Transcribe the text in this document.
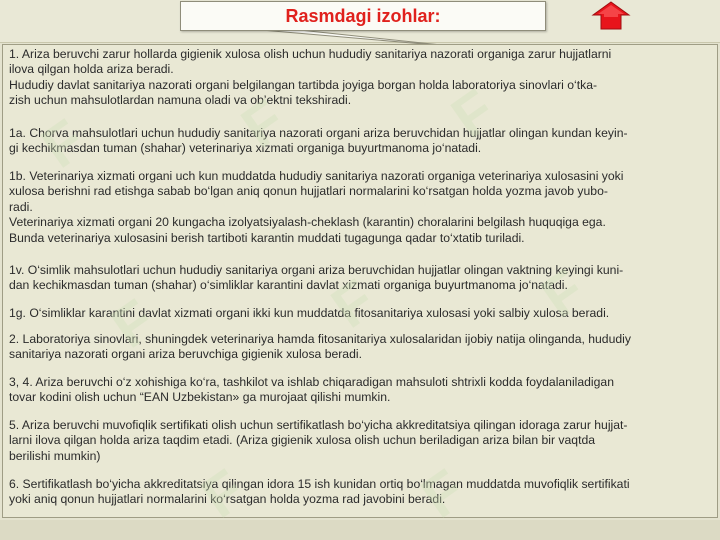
Rasmdagi izohlar:
1. Ariza beruvchi zarur hollarda gigienik xulosa olish uchun hududiy sanitariya nazorati organiga zarur hujjatlarni
ilova qilgan holda ariza beradi.
Hududiy davlat sanitariya nazorati organi belgilangan tartibda joyiga borgan holda laboratoriya sinovlari o‘tka-
zish uchun mahsulotlardan namuna oladi va ob’ektni tekshiradi.
1a. Chorva mahsulotlari uchun hududiy sanitariya nazorati organi ariza beruvchidan hujjatlar olingan kundan keyin-
gi kechikmasdan tuman (shahar) veterinariya xizmati organiga buyurtmanoma jo‘natadi.
1b. Veterinariya xizmati organi uch kun muddatda hududiy sanitariya nazorati organiga veterinariya xulosasini yoki
xulosa berishni rad etishga sabab bo‘lgan aniq qonun hujjatlari normalarini ko‘rsatgan holda yozma javob yubo-
radi.
Veterinariya xizmati organi 20 kungacha izolyatsiyalash-cheklash (karantin) choralarini belgilash huquqiga ega.
Bunda veterinariya xulosasini berish tartiboti karantin muddati tugagunga qadar to‘xtatib turiladi.
1v. O‘simlik mahsulotlari uchun hududiy sanitariya organi ariza beruvchidan hujjatlar olingan vaktning keyingi kuni-
dan kechikmasdan tuman (shahar) o‘simliklar karantini davlat xizmati organiga buyurtmanoma jo‘natadi.
1g. O‘simliklar karantini davlat xizmati organi ikki kun muddatda fitosanitariya xulosasi yoki salbiy xulosa beradi.
2. Laboratoriya sinovlari, shuningdek veterinariya hamda fitosanitariya xulosalaridan ijobiy natija olinganda, hududiy
sanitariya nazorati organi ariza beruvchiga gigienik xulosa beradi.
3, 4. Ariza beruvchi o‘z xohishiga ko‘ra, tashkilot va ishlab chiqaradigan mahsuloti shtrixli kodda foydalaniladigan
tovar kodini olish uchun “EAN Uzbekistan» ga murojaat qilishi mumkin.
5. Ariza beruvchi muvofiqlik sertifikati olish uchun sertifikatlash bo‘yicha akkreditatsiya qilingan idoraga zarur hujjat-
larni ilova qilgan holda ariza taqdim etadi. (Ariza gigienik xulosa olish uchun beriladigan ariza bilan bir vaqtda
berilishi mumkin)
6. Sertifikatlash bo‘yicha akkreditatsiya qilingan idora 15 ish kunidan ortiq bo‘lmagan muddatda muvofiqlik sertifikati
yoki aniq qonun hujjatlari normalarini ko‘rsatgan holda yozma rad javobini beradi.
F F F
F	F F
F	F
